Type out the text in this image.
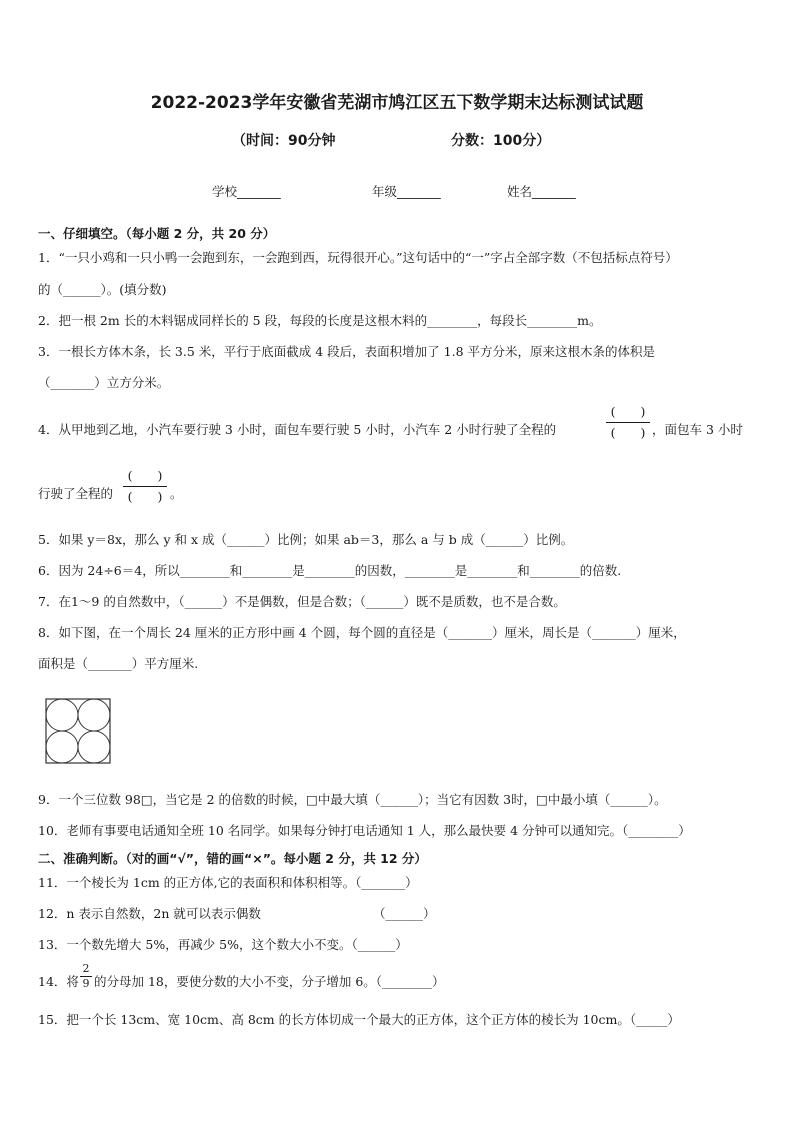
2022-2023学年安徽省芜湖市鸠江区五下数学期末达标测试试题
（时间：90分钟	分数：100分）
学校_______	年级_______	姓名_______
一、仔细填空。（每小题 2 分，共 20 分）
1．“一只小鸡和一只小鸭一会跑到东，一会跑到西，玩得很开心。”这句话中的“一”字占全部字数（不包括标点符号）
的（______）。(填分数)
2．把一根 2m 长的木料锯成同样长的 5 段，每段的长度是这根木料的________，每段长________m。
3．一根长方体木条，长 3.5 米，平行于底面截成 4 段后，表面积增加了 1.8 平方分米，原来这根木条的体积是
（_______）立方分米。
4．从甲地到乙地，小汽车要行驶 3 小时，面包车要行驶 5 小时，小汽车 2 小时行驶了全程的
(　　)
(　　) ，面包车 3 小时
行驶了全程的
(　　)
(　　) 。
5．如果 y＝8x，那么 y 和 x 成（______）比例；如果 ab＝3，那么 a 与 b 成（______）比例。
6．因为 24÷6＝4，所以________和________是________的因数，________是________和________的倍数.
7．在1～9 的自然数中，（______）不是偶数，但是合数；（______）既不是质数，也不是合数。
8．如下图，在一个周长 24 厘米的正方形中画 4 个圆，每个圆的直径是（_______）厘米，周长是（_______）厘米，
面积是（_______）平方厘米.
9．一个三位数 98□，当它是 2 的倍数的时候，□中最大填（______）；当它有因数 3时，□中最小填（______）。
10．老师有事要电话通知全班 10 名同学。如果每分钟打电话通知 1 人，那么最快要 4 分钟可以通知完。（________）
二、准确判断。（对的画“√”，错的画“×”。每小题 2 分，共 12 分）
11．一个棱长为 1cm 的正方体,它的表面积和体积相等。（_______）
12．n 表示自然数，2n 就可以表示偶数	（______）
13．一个数先增大 5%，再减少 5%，这个数大小不变。（______）
14．将
2
9 的分母加 18，要使分数的大小不变，分子增加 6。（________）
15．把一个长 13cm、宽 10cm、高 8cm 的长方体切成一个最大的正方体，这个正方体的棱长为 10cm。（_____）
